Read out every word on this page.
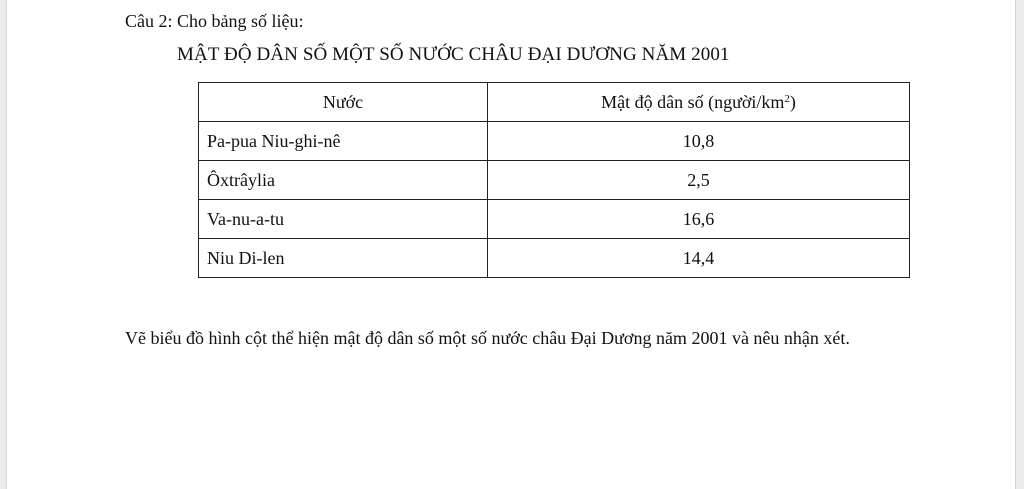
Câu 2: Cho bảng số liệu:
MẬT ĐỘ DÂN SỐ MỘT SỐ NƯỚC CHÂU ĐẠI DƯƠNG NĂM 2001
Nước	Mật độ dân số $(người/km^2)$
Pa-pua Niu-ghi-nê	10,8
Ôxtrâylia	2,5
Va-nu-a-tu	16,6
Niu Di-len	14,4
Vẽ biểu đồ hình cột thể hiện mật độ dân số một số nước châu Đại Dương năm 2001 và nêu nhận xét.
